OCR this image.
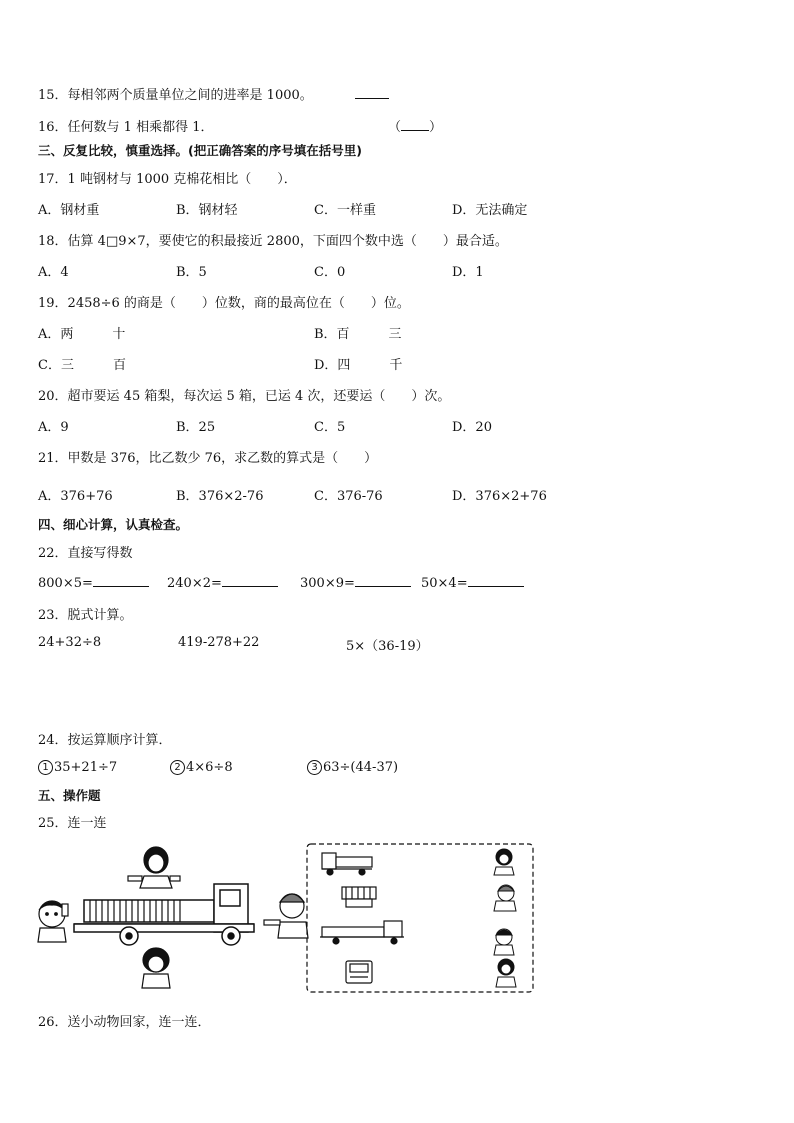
15．每相邻两个质量单位之间的进率是 1000。
16．任何数与 1 相乘都得 1．	（ ）
三、反复比较，慎重选择。(把正确答案的序号填在括号里)
17．1 吨钢材与 1000 克棉花相比（　　）．
A．钢材重	B．钢材轻	C．一样重	D．无法确定
18．估算 4□9×7，要使它的积最接近 2800，下面四个数中选（　　）最合适。
A．4	B．5	C．0	D．1
19．2458÷6 的商是（　　）位数，商的最高位在（　　）位。
A．两　　　十	B．百　　　三
C．三　　　百	D．四　　　千
20．超市要运 45 箱梨，每次运 5 箱，已运 4 次，还要运（　　）次。
A．9	B．25	C．5	D．20
21．甲数是 376，比乙数少 76，求乙数的算式是（　　）
A．376+76	B．376×2-76	C．376-76	D．376×2+76
四、细心计算，认真检查。
22．直接写得数
800×5=	240×2=	300×9=	50×4=
23．脱式计算。
24+32÷8	419-278+22	5×（36-19）
24．按运算顺序计算．
1 35+21÷7	2 4×6÷8	3 63÷(44-37)
五、操作题
25．连一连
26．送小动物回家，连一连．
